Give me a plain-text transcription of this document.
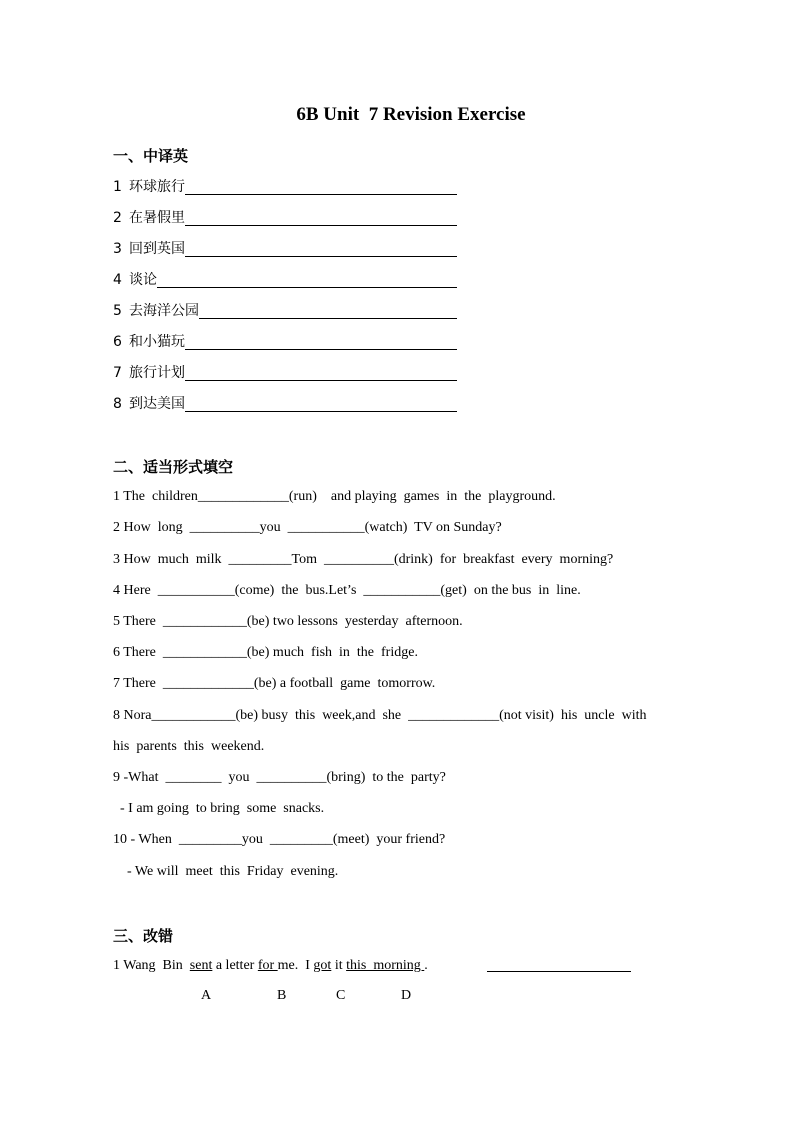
6B Unit  7 Revision Exercise
一、中译英
1 环球旅行
2 在暑假里
3 回到英国
4 谈论
5 去海洋公园
6 和小猫玩
7 旅行计划
8 到达美国
二、适当形式填空
1 The  children_____________(run)    and playing  games  in  the  playground.
2 How  long  __________you  ___________(watch)  TV on Sunday?
3 How  much  milk  _________Tom  __________(drink)  for  breakfast  every  morning?
4 Here  ___________(come)  the  bus.Let’s  ___________(get)  on the bus  in  line.
5 There  ____________(be) two lessons  yesterday  afternoon.
6 There  ____________(be) much  fish  in  the  fridge.
7 There  _____________(be) a football  game  tomorrow.
8 Nora____________(be) busy  this  week,and  she  _____________(not visit)  his  uncle  with
his  parents  this  weekend.
9 -What  ________  you  __________(bring)  to the  party?
- I am going  to bring  some  snacks.
10 - When  _________you  _________(meet)  your friend?
- We will  meet  this  Friday  evening.
三、改错
1 Wang  Bin  sent a letter for me.  I got it this  morning .
A	B	C	D
